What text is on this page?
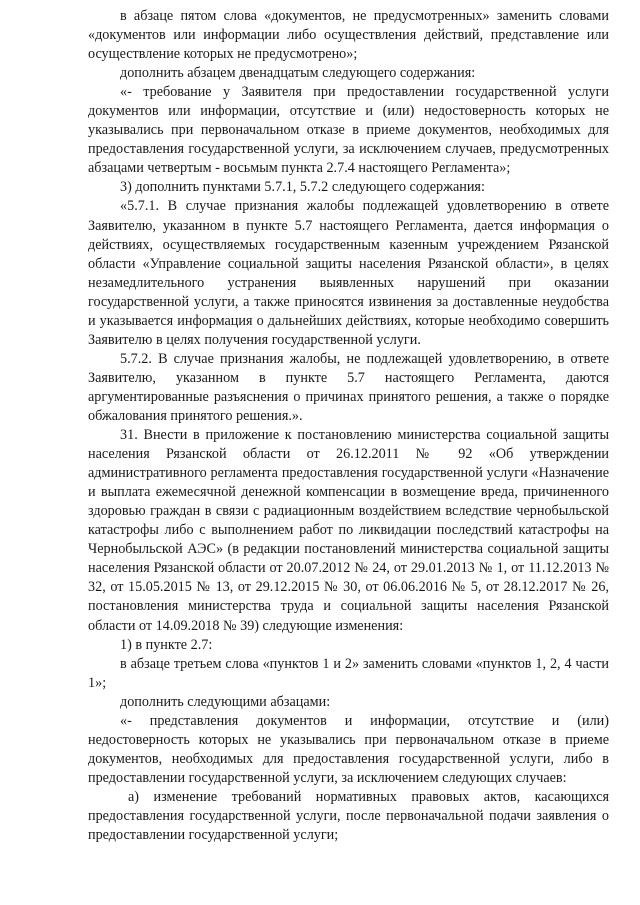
в абзаце пятом слова «документов, не предусмотренных» заменить словами «документов или информации либо осуществления действий, представление или осуществление которых не предусмотрено»;

дополнить абзацем двенадцатым следующего содержания:

«- требование у Заявителя при предоставлении государственной услуги документов или информации, отсутствие и (или) недостоверность которых не указывались при первоначальном отказе в приеме документов, необходимых для предоставления государственной услуги, за исключением случаев, предусмотренных абзацами четвертым - восьмым пункта 2.7.4 настоящего Регламента»;

3) дополнить пунктами 5.7.1, 5.7.2 следующего содержания:

«5.7.1. В случае признания жалобы подлежащей удовлетворению в ответе Заявителю, указанном в пункте 5.7 настоящего Регламента, дается информация о действиях, осуществляемых государственным казенным учреждением Рязанской области «Управление социальной защиты населения Рязанской области», в целях незамедлительного устранения выявленных нарушений при оказании государственной услуги, а также приносятся извинения за доставленные неудобства и указывается информация о дальнейших действиях, которые необходимо совершить Заявителю в целях получения государственной услуги.

5.7.2. В случае признания жалобы, не подлежащей удовлетворению, в ответе Заявителю, указанном в пункте 5.7 настоящего Регламента, даются аргументированные разъяснения о причинах принятого решения, а также о порядке обжалования принятого решения.».

31. Внести в приложение к постановлению министерства социальной защиты населения Рязанской области от 26.12.2011 № 92 «Об утверждении административного регламента предоставления государственной услуги «Назначение и выплата ежемесячной денежной компенсации в возмещение вреда, причиненного здоровью граждан в связи с радиационным воздействием вследствие чернобыльской катастрофы либо с выполнением работ по ликвидации последствий катастрофы на Чернобыльской АЭС» (в редакции постановлений министерства социальной защиты населения Рязанской области от 20.07.2012 № 24, от 29.01.2013 № 1, от 11.12.2013 № 32, от 15.05.2015 № 13, от 29.12.2015 № 30, от 06.06.2016 № 5, от 28.12.2017 № 26, постановления министерства труда и социальной защиты населения Рязанской области от 14.09.2018 № 39) следующие изменения:

1) в пункте 2.7:

в абзаце третьем слова «пунктов 1 и 2» заменить словами «пунктов 1, 2, 4 части 1»;

дополнить следующими абзацами:

«- представления документов и информации, отсутствие и (или) недостоверность которых не указывались при первоначальном отказе в приеме документов, необходимых для предоставления государственной услуги, либо в предоставлении государственной услуги, за исключением следующих случаев:

а) изменение требований нормативных правовых актов, касающихся предоставления государственной услуги, после первоначальной подачи заявления о предоставлении государственной услуги;
